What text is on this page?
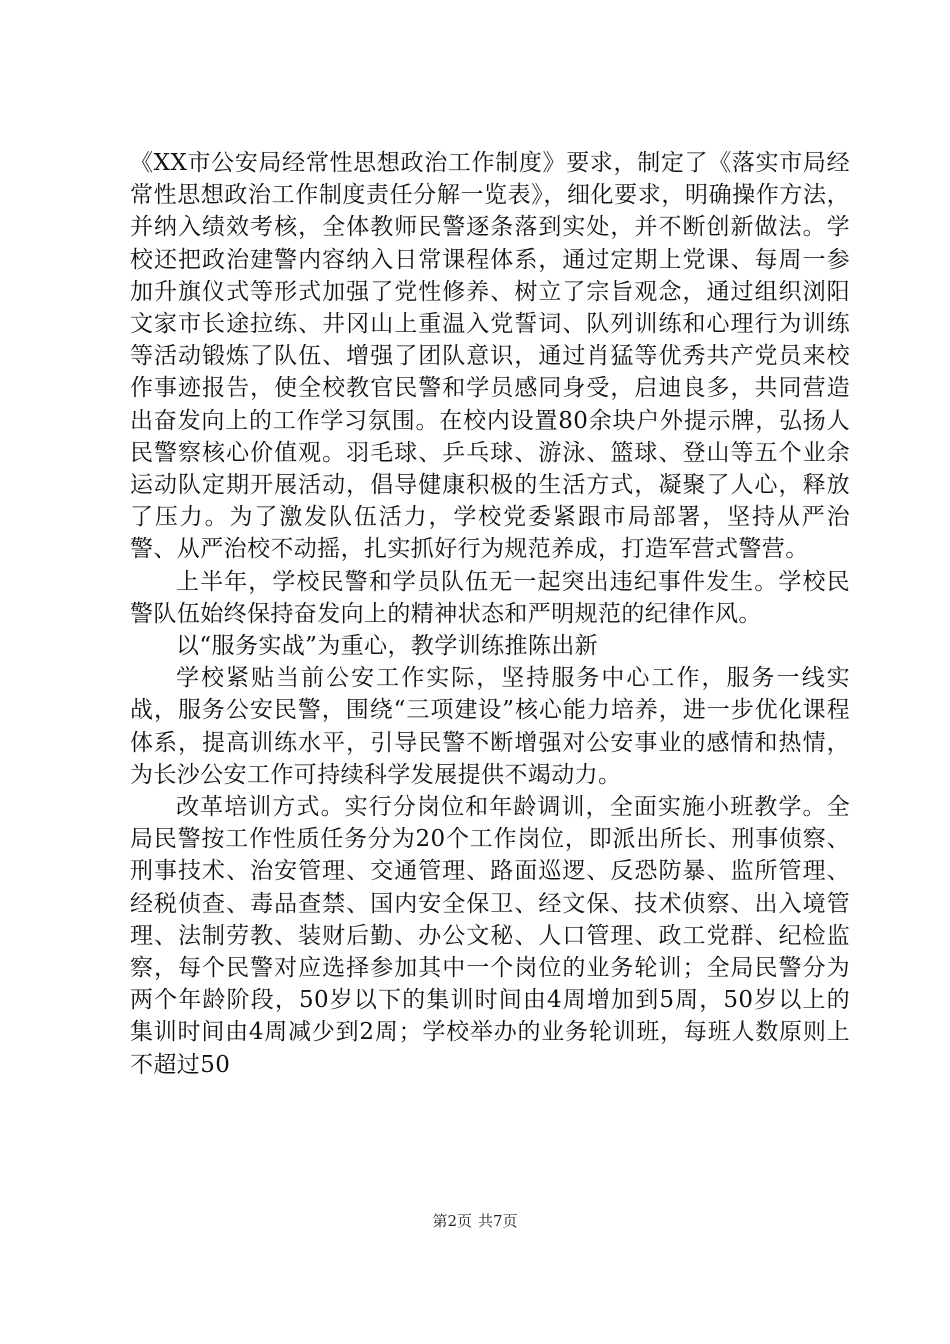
《XX市公安局经常性思想政治工作制度》要求，制定了《落实市局经常性思想政治工作制度责任分解一览表》，细化要求，明确操作方法，并纳入绩效考核，全体教师民警逐条落到实处，并不断创新做法。学校还把政治建警内容纳入日常课程体系，通过定期上党课、每周一参加升旗仪式等形式加强了党性修养、树立了宗旨观念，通过组织浏阳文家市长途拉练、井冈山上重温入党誓词、队列训练和心理行为训练等活动锻炼了队伍、增强了团队意识，通过肖猛等优秀共产党员来校作事迹报告，使全校教官民警和学员感同身受，启迪良多，共同营造出奋发向上的工作学习氛围。在校内设置80余块户外提示牌，弘扬人民警察核心价值观。羽毛球、乒乓球、游泳、篮球、登山等五个业余运动队定期开展活动，倡导健康积极的生活方式，凝聚了人心，释放了压力。为了激发队伍活力，学校党委紧跟市局部署，坚持从严治警、从严治校不动摇，扎实抓好行为规范养成，打造军营式警营。

上半年，学校民警和学员队伍无一起突出违纪事件发生。学校民警队伍始终保持奋发向上的精神状态和严明规范的纪律作风。

以“服务实战”为重心，教学训练推陈出新

学校紧贴当前公安工作实际，坚持服务中心工作，服务一线实战，服务公安民警，围绕“三项建设”核心能力培养，进一步优化课程体系，提高训练水平，引导民警不断增强对公安事业的感情和热情，为长沙公安工作可持续科学发展提供不竭动力。

改革培训方式。实行分岗位和年龄调训，全面实施小班教学。全局民警按工作性质任务分为20个工作岗位，即派出所长、刑事侦察、刑事技术、治安管理、交通管理、路面巡逻、反恐防暴、监所管理、经税侦查、毒品查禁、国内安全保卫、经文保、技术侦察、出入境管理、法制劳教、装财后勤、办公文秘、人口管理、政工党群、纪检监察，每个民警对应选择参加其中一个岗位的业务轮训；全局民警分为两个年龄阶段，50岁以下的集训时间由4周增加到5周，50岁以上的集训时间由4周减少到2周；学校举办的业务轮训班，每班人数原则上不超过50

第2页 共7页
